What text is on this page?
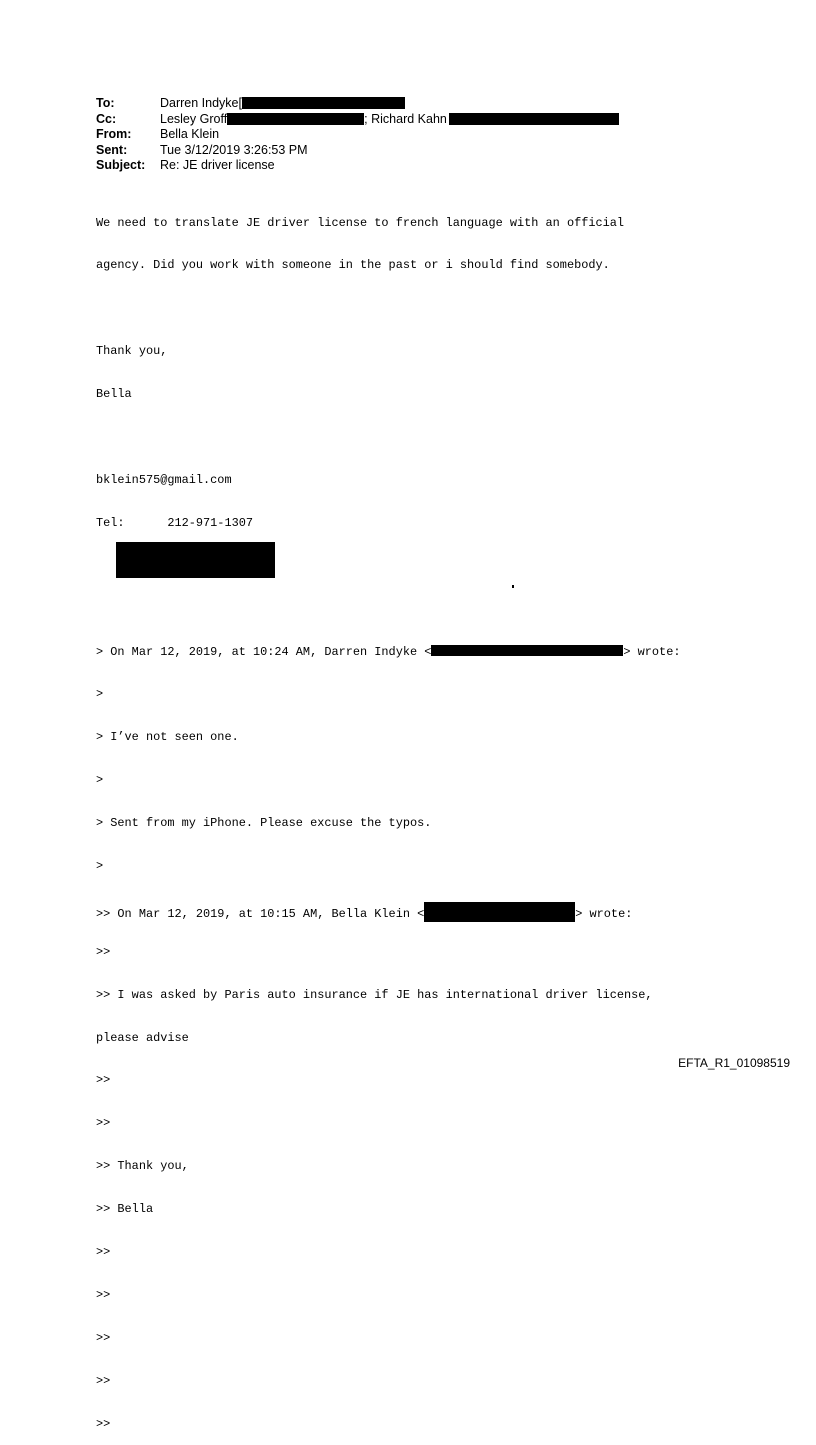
To:	Darren Indyke[
Cc:	Lesley Groff	; Richard Kahn
From: Bella Klein
Sent:	Tue 3/12/2019 3:26:53 PM
Subject: Re: JE driver license

We need to translate JE driver license to french language with an official

agency. Did you work with someone in the past or i should find somebody.

Thank you,

Bella

bklein575@gmail.com

Tel:      212-971-1307

> On Mar 12, 2019, at 10:24 AM, Darren Indyke <	> wrote:

>

> I’ve not seen one.

>

> Sent from my iPhone. Please excuse the typos.

>

>> On Mar 12, 2019, at 10:15 AM, Bella Klein <	> wrote:

>>

>> I was asked by Paris auto insurance if JE has international driver license,

please advise

>>

>>

>> Thank you,

>> Bella

>>

>>

>>

>>

>>

EFTA_R1_01098519
